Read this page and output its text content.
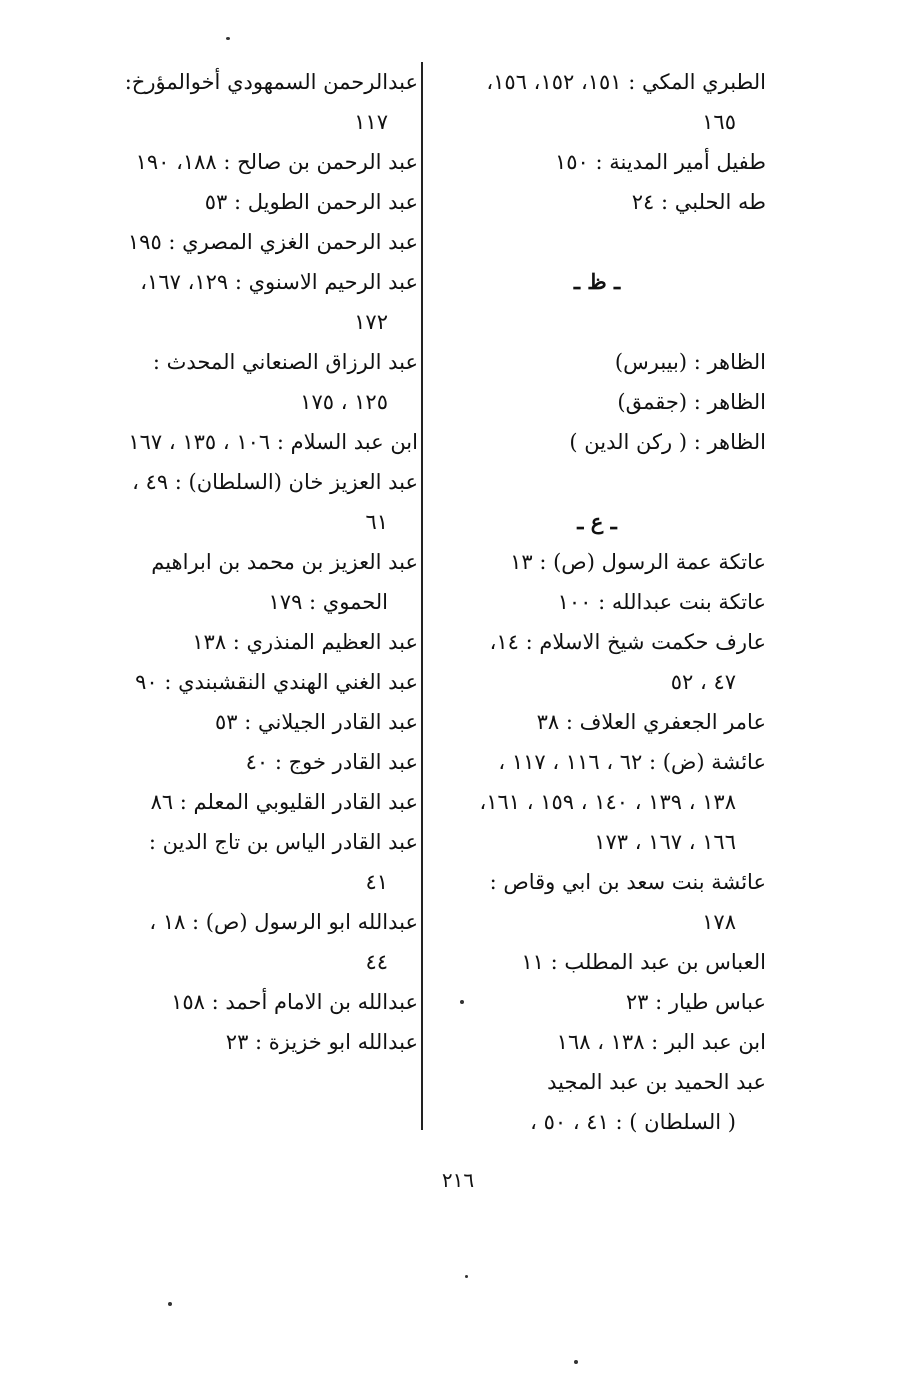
الطبري المكي : ١٥١، ١٥٢، ١٥٦،
١٦٥
طفيل أمير المدينة : ١٥٠
طه الحلبي : ٢٤
ـ ظ ـ
الظاهر : (بيبرس)
الظاهر : (جقمق)
الظاهر : ( ركن الدين )
ـ ع ـ
عاتكة عمة الرسول (ص) : ١٣
عاتكة بنت عبدالله : ١٠٠
عارف حكمت شيخ الاسلام : ١٤،
٤٧ ، ٥٢
عامر الجعفري العلاف : ٣٨
عائشة (ض) : ٦٢ ، ١١٦ ، ١١٧ ،
١٣٨ ، ١٣٩ ، ١٤٠ ، ١٥٩ ، ١٦١،
١٦٦ ، ١٦٧ ، ١٧٣
عائشة بنت سعد بن ابي وقاص :
١٧٨
العباس بن عبد المطلب : ١١
عباس طيار : ٢٣
ابن عبد البر : ١٣٨ ، ١٦٨
عبد الحميد بن عبد المجيد
( السلطان ) : ٤١ ، ٥٠ ،
عبدالرحمن السمهودي أخوالمؤرخ:
١١٧
عبد الرحمن بن صالح : ١٨٨، ١٩٠
عبد الرحمن الطويل : ٥٣
عبد الرحمن الغزي المصري : ١٩٥
عبد الرحيم الاسنوي : ١٢٩، ١٦٧،
١٧٢
عبد الرزاق الصنعاني المحدث :
١٢٥ ، ١٧٥
ابن عبد السلام : ١٠٦ ، ١٣٥ ، ١٦٧
عبد العزيز خان (السلطان) : ٤٩ ،
٦١
عبد العزيز بن محمد بن ابراهيم
الحموي : ١٧٩
عبد العظيم المنذري : ١٣٨
عبد الغني الهندي النقشبندي : ٩٠
عبد القادر الجيلاني : ٥٣
عبد القادر خوج : ٤٠
عبد القادر القليوبي المعلم : ٨٦
عبد القادر الياس بن تاج الدين :
٤١
عبدالله ابو الرسول (ص) : ١٨ ،
٤٤
عبدالله بن الامام أحمد : ١٥٨
عبدالله ابو خزيزة : ٢٣
٢١٦
